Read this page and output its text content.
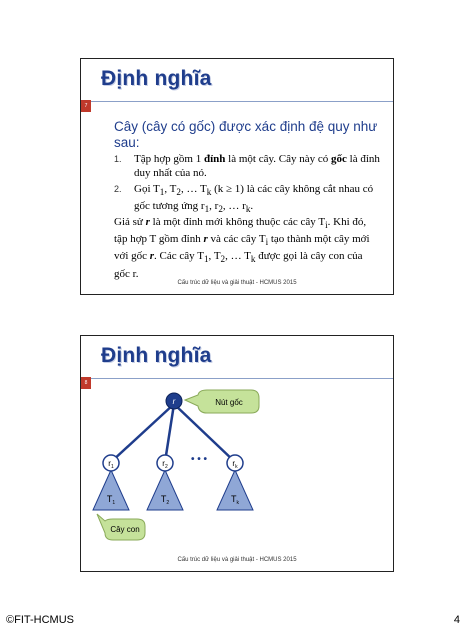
Định nghĩa
7
Cây (cây có gốc) được xác định đệ quy như sau:
1. Tập hợp gồm 1 đỉnh là một cây. Cây này có gốc là đỉnh duy nhất của nó.
2. Gọi $T_1$, $T_2$, … $T_k$ (k ≥ 1) là các cây không cắt nhau có gốc tương ứng $r_1$, $r_2$, … $r_k$.
Giả sử r là một đỉnh mới không thuộc các cây $T_i$. Khi đó, tập hợp T gồm đỉnh r và các cây $T_i$ tạo thành một cây mới với gốc r. Các cây $T_1$, $T_2$, … $T_k$ được gọi là cây con của gốc r.
Cấu trúc dữ liệu và giải thuật - HCMUS 2015
Định nghĩa
8
Nút gốc
r
$r_1$
$T_1$
$r_2$
$T_2$
• • •	$r_k$
$T_k$
Cây con
Cấu trúc dữ liệu và giải thuật - HCMUS 2015
©FIT-HCMUS	4
